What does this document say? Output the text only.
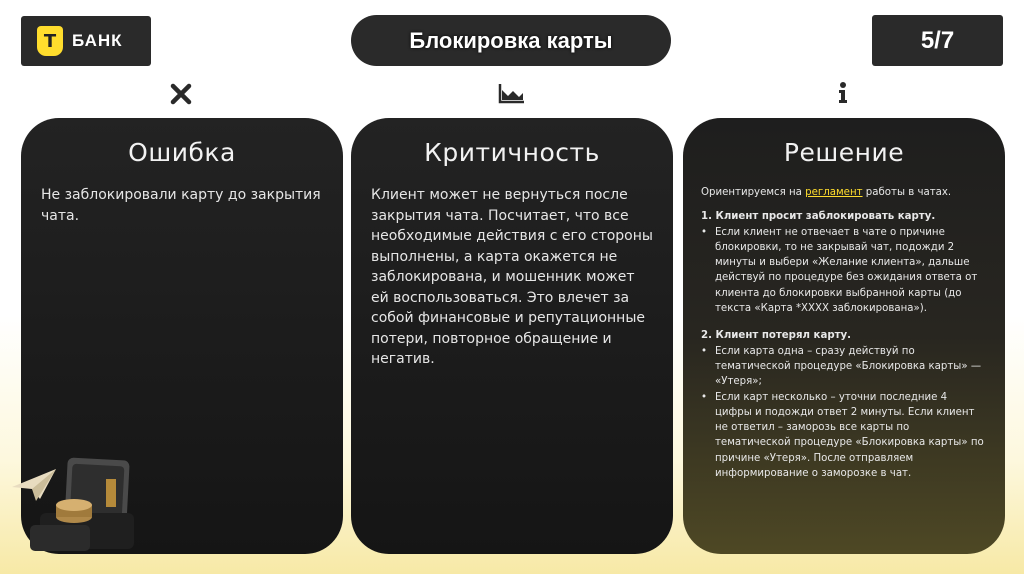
Т БАНК	Блокировка карты	5/7
Ошибка
Не заблокировали карту до закрытия чата.
Критичность
Клиент может не вернуться после закрытия чата. Посчитает, что все необходимые действия с его стороны выполнены, а карта окажется не заблокирована, и мошенник может ей воспользоваться. Это влечет за собой финансовые и репутационные потери, повторное обращение и негатив.
Решение
Ориентируемся на регламент работы в чатах.
1. Клиент просит заблокировать карту.
• Если клиент не отвечает в чате о причине блокировки, то не закрывай чат, подожди 2 минуты и выбери «Желание клиента», дальше действуй по процедуре без ожидания ответа от клиента до блокировки выбранной карты (до текста «Карта *XXXX заблокирована»).
2. Клиент потерял карту.
• Если карта одна – сразу действуй по тематической процедуре «Блокировка карты» — «Утеря»;
• Если карт несколько – уточни последние 4 цифры и подожди ответ 2 минуты. Если клиент не ответил – заморозь все карты по тематической процедуре «Блокировка карты» по причине «Утеря». После отправляем информирование о заморозке в чат.
